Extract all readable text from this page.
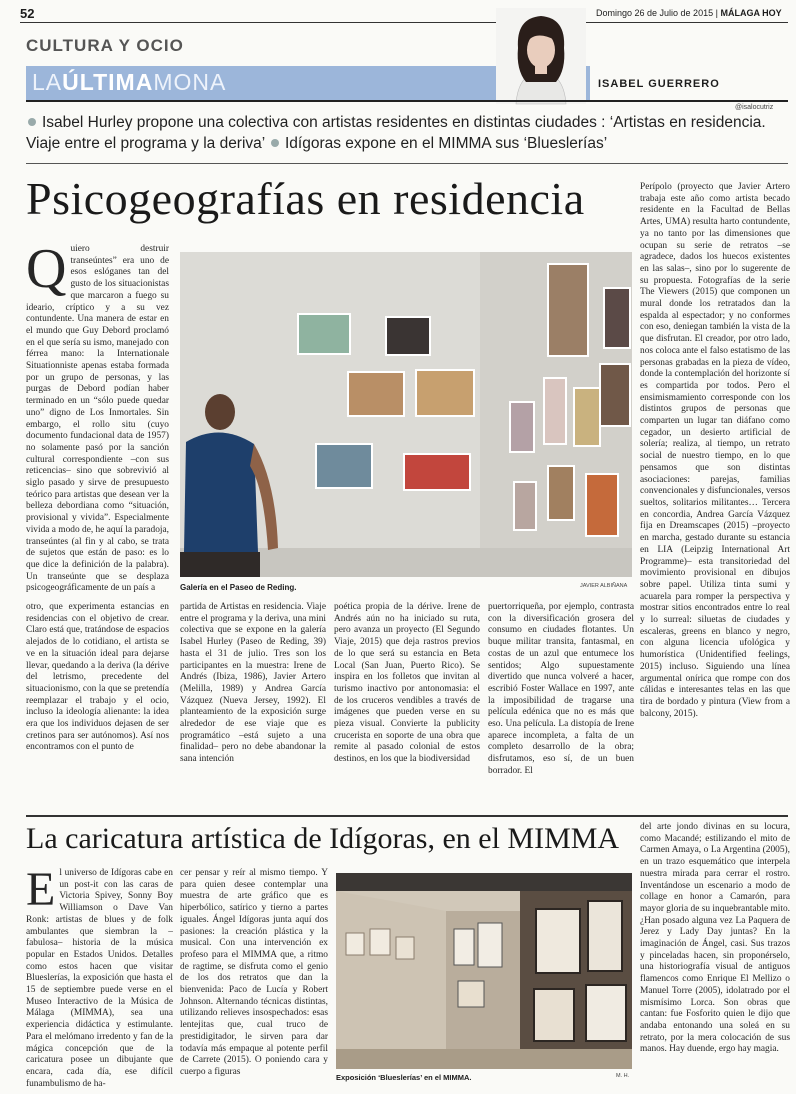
52	Domingo 26 de Julio de 2015 | MÁLAGA HOY
CULTURA Y OCIO
LAÚLTIMAMONA	ISABEL GUERRERO
@isalocutriz
Isabel Hurley propone una colectiva con artistas residentes en distintas ciudades : ‘Artistas en residencia. Viaje entre el programa y la deriva’ Idígoras expone en el MIMMA sus ‘Blueslerías’
Psicogeografías en residencia
Quiero destruir transeúntes” era uno de esos eslóganes tan del gusto de los situacionistas que marcaron a fuego su ideario, críptico y a su vez contundente. Una manera de estar en el mundo que Guy Debord proclamó en el que sería su ismo, manejado con férrea mano: la Internationale Situationniste apenas estaba formada por un grupo de personas, y las purgas de Debord podían haber terminado en un “sólo puede quedar uno” digno de Los Inmortales. Sin embargo, el rollo situ (cuyo documento fundacional data de 1957) no solamente pasó por la sanción cultural correspondiente –con sus reticencias– sino que sobrevivió al siglo pasado y sirve de presupuesto teórico para artistas que desean ver la belleza debordiana como “situación, provisional y vivida”. Especialmente vivida a modo de, he aquí la paradoja, transeúntes (al fin y al cabo, se trata de sujetos que están de paso: es lo que dice la definición de la palabra). Un transeúnte que se desplaza psicogeográficamente de un país a	Galería en el Paseo de Reding.	JAVIER ALBIÑANA
Perípolo (proyecto que Javier Artero trabaja este año como artista becado residente en la Facultad de Bellas Artes, UMA) resulta harto contundente, ya no tanto por las dimensiones que ocupan su serie de retratos –se agradece, dados los huecos existentes en las salas–, sino por lo sugerente de su propuesta. Fotografías de la serie The Viewers (2015) que componen un mural donde los retratados dan la espalda al espectador; y no conformes con eso, deniegan también la vista de la que disfrutan. El creador, por otro lado, nos coloca ante el falso estatismo de las personas grabadas en la pieza de vídeo, donde la contemplación del horizonte sí es compartida por todos. Pero el ensimismamiento corresponde con los distintos grupos de personas que comparten un lugar tan diáfano como cegador, un desierto artificial de solería; realiza, al tiempo, un retrato social de nuestro tiempo, en lo que pensamos que son distintas asociaciones: parejas, familias convencionales y disfuncionales, versos sueltos, solitarios militantes… Tercera en concordia, Andrea García Vázquez fija en Dreamscapes (2015) –proyecto en marcha, gestado durante su estancia en LIA (Leipzig International Art Programme)– esta transitoriedad del movimiento provisional en dibujos sobre papel. Utiliza tinta sumi y acuarela para romper la perspectiva y mostrar sitios encontrados entre lo real y lo surreal: siluetas de ciudades y escaleras, greens en blanco y negro, con alguna licencia ufológica y humorística (Unidentified feelings, 2015) incluso. Siguiendo una línea argumental onírica que rompe con dos cálidas e interesantes telas en las que tira de bordado y pintura (View from a balcony, 2015).
otro, que experimenta estancias en residencias con el objetivo de crear. Claro está que, tratándose de espacios alejados de lo cotidiano, el artista se ve en la situación ideal para dejarse llevar, quedando a la deriva (la dérive del letrismo, precedente del situacionismo, con la que se pretendía reemplazar el trabajo y el ocio, incluso la ideología alienante: la idea era que los individuos dejasen de ser cretinos para ser autónomos). Así nos encontramos con el punto de
partida de Artistas en residencia. Viaje entre el programa y la deriva, una mini colectiva que se expone en la galería Isabel Hurley (Paseo de Reding, 39) hasta el 31 de julio. Tres son los participantes en la muestra: Irene de Andrés (Ibiza, 1986), Javier Artero (Melilla, 1989) y Andrea García Vázquez (Nueva Jersey, 1992). El planteamiento de la exposición surge alrededor de ese viaje que es programático –está sujeto a una finalidad– pero no debe abandonar la sana intención
poética propia de la dérive. Irene de Andrés aún no ha iniciado su ruta, pero avanza un proyecto (El Segundo Viaje, 2015) que deja rastros previos de lo que será su estancia en Beta Local (San Juan, Puerto Rico). Se inspira en los folletos que invitan al turismo inactivo por antonomasia: el de los cruceros vendibles a través de imágenes que pueden verse en su pieza visual. Convierte la publicity crucerista en soporte de una obra que remite al pasado colonial de estos destinos, en los que la biodiversidad
puertorriqueña, por ejemplo, contrasta con la diversificación grosera del consumo en ciudades flotantes. Un buque militar transita, fantasmal, en costas de un azul que entumece los sentidos; Algo supuestamente divertido que nunca volveré a hacer, escribió Foster Wallace en 1997, ante la imposibilidad de tragarse una película edénica que no es más que eso. Una película. La distopía de Irene aparece incompleta, a falta de un completo desarrollo de la obra; disfrutamos, eso sí, de un buen borrador. El
La caricatura artística de Idígoras, en el MIMMA
El universo de Idígoras cabe en un post-it con las caras de Victoria Spivey, Sonny Boy Williamson o Dave Van Ronk: artistas de blues y de folk ambulantes que siembran la –fabulosa– historia de la música popular en Estados Unidos. Detalles como estos hacen que visitar Blueslerías, la exposición que hasta el 15 de septiembre puede verse en el Museo Interactivo de la Música de Málaga (MIMMA), sea una experiencia didáctica y estimulante. Para el melómano irredento y fan de la mágica concepción que de la caricatura posee un dibujante que encara, cada día, ese difícil funambulismo de ha-
cer pensar y reír al mismo tiempo. Y para quien desee contemplar una muestra de arte gráfico que es hiperbólico, satírico y tierno a partes iguales. Ángel Idígoras junta aquí dos pasiones: la creación plástica y la musical. Con una intervención ex profeso para el MIMMA que, a ritmo de ragtime, se disfruta como el genio de los dos retratos que dan la bienvenida: Paco de Lucía y Robert Johnson. Alternando técnicas distintas, utilizando relieves insospechados: esas lentejitas que, cual truco de prestidigitador, le sirven para dar todavía más empaque al potente perfil de Carrete (2015). O poniendo cara y cuerpo a figuras
Exposición ‘Blueslerías’ en el MIMMA.	M. H.
del arte jondo divinas en su locura, como Macandé; estilizando el mito de Carmen Amaya, o La Argentina (2005), en un trazo esquemático que interpela nuestra mirada para cerrar el rostro. Inventándose un escenario a modo de collage en honor a Camarón, para mayor gloria de su inquebrantable mito. ¿Han posado alguna vez La Paquera de Jerez y Lady Day juntas? En la imaginación de Ángel, casi. Sus trazos y pinceladas hacen, sin proponérselo, una historiografía visual de antiguos flamencos como Enrique El Mellizo o Manuel Torre (2005), idolatrado por el mismísimo Lorca. Son obras que cantan: fue Fosforito quien le dijo que andaba entonando una soleá en su retrato, por la mera colocación de sus manos. Hay duende, ergo hay magia.
